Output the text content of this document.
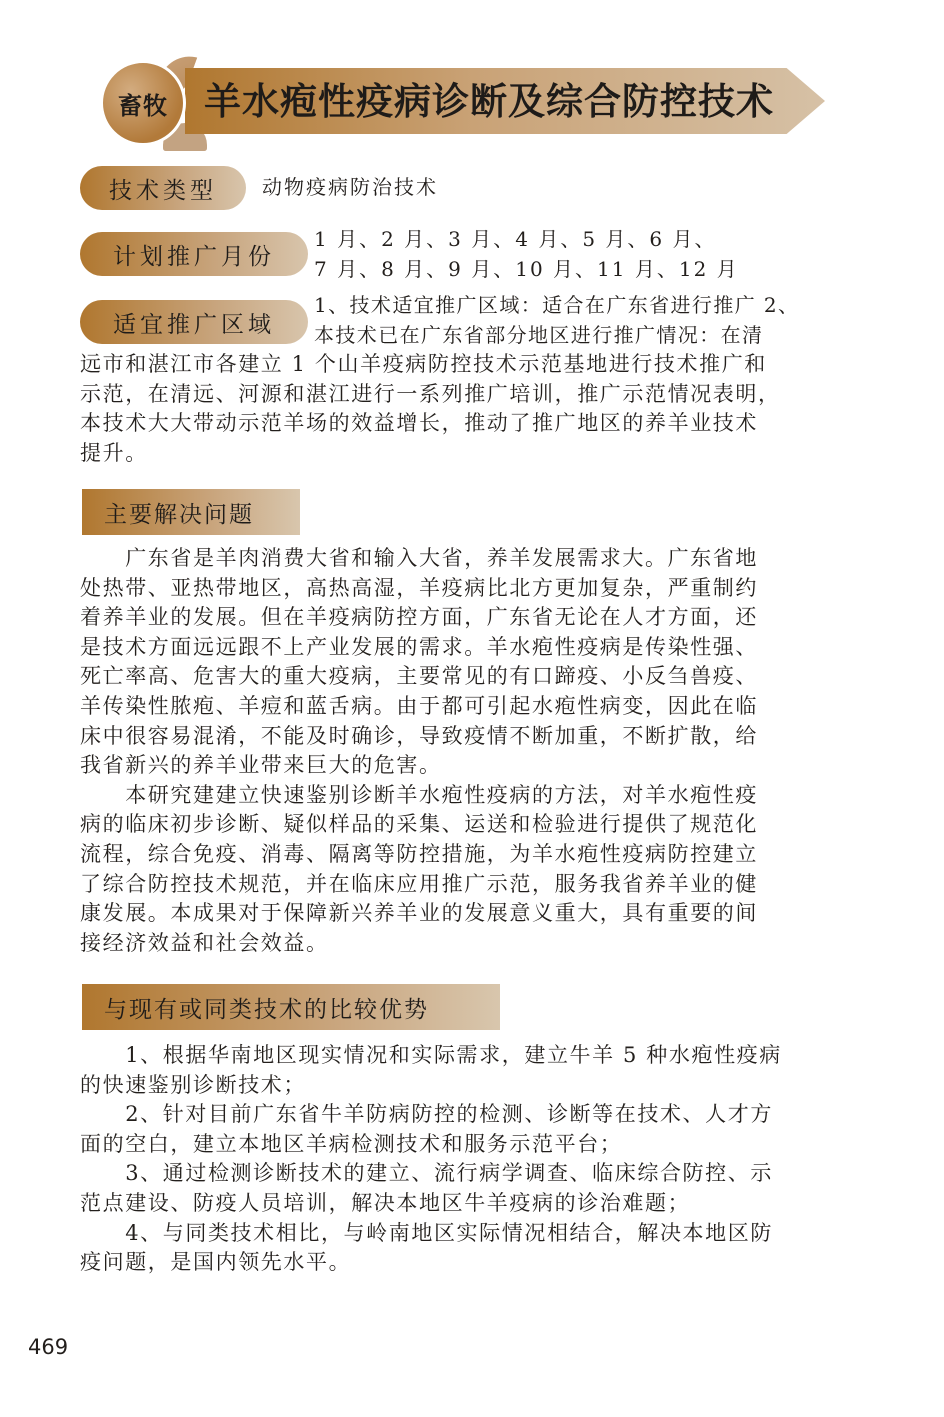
畜牧 羊水疱性疫病诊断及综合防控技术
技术类型	动物疫病防治技术
计划推广月份
1 月、2 月、3 月、4 月、5 月、6 月、
7 月、8 月、9 月、10 月、11 月、12 月
适宜推广区域
1、技术适宜推广区域：适合在广东省进行推广 2、
本技术已在广东省部分地区进行推广情况：在清
远市和湛江市各建立 1 个山羊疫病防控技术示范基地进行技术推广和
示范，在清远、河源和湛江进行一系列推广培训，推广示范情况表明，
本技术大大带动示范羊场的效益增长，推动了推广地区的养羊业技术
提升。
主要解决问题
　　广东省是羊肉消费大省和输入大省，养羊发展需求大。广东省地
处热带、亚热带地区，高热高湿，羊疫病比北方更加复杂，严重制约
着养羊业的发展。但在羊疫病防控方面，广东省无论在人才方面，还
是技术方面远远跟不上产业发展的需求。羊水疱性疫病是传染性强、
死亡率高、危害大的重大疫病，主要常见的有口蹄疫、小反刍兽疫、
羊传染性脓疱、羊痘和蓝舌病。由于都可引起水疱性病变，因此在临
床中很容易混淆，不能及时确诊，导致疫情不断加重，不断扩散，给
我省新兴的养羊业带来巨大的危害。
　　本研究建建立快速鉴别诊断羊水疱性疫病的方法，对羊水疱性疫
病的临床初步诊断、疑似样品的采集、运送和检验进行提供了规范化
流程，综合免疫、消毒、隔离等防控措施，为羊水疱性疫病防控建立
了综合防控技术规范，并在临床应用推广示范，服务我省养羊业的健
康发展。本成果对于保障新兴养羊业的发展意义重大，具有重要的间
接经济效益和社会效益。
与现有或同类技术的比较优势
　　1、根据华南地区现实情况和实际需求，建立牛羊 5 种水疱性疫病
的快速鉴别诊断技术；
　　2、针对目前广东省牛羊防病防控的检测、诊断等在技术、人才方
面的空白，建立本地区羊病检测技术和服务示范平台；
　　3、通过检测诊断技术的建立、流行病学调查、临床综合防控、示
范点建设、防疫人员培训，解决本地区牛羊疫病的诊治难题；
　　4、与同类技术相比，与岭南地区实际情况相结合，解决本地区防
疫问题，是国内领先水平。
469
